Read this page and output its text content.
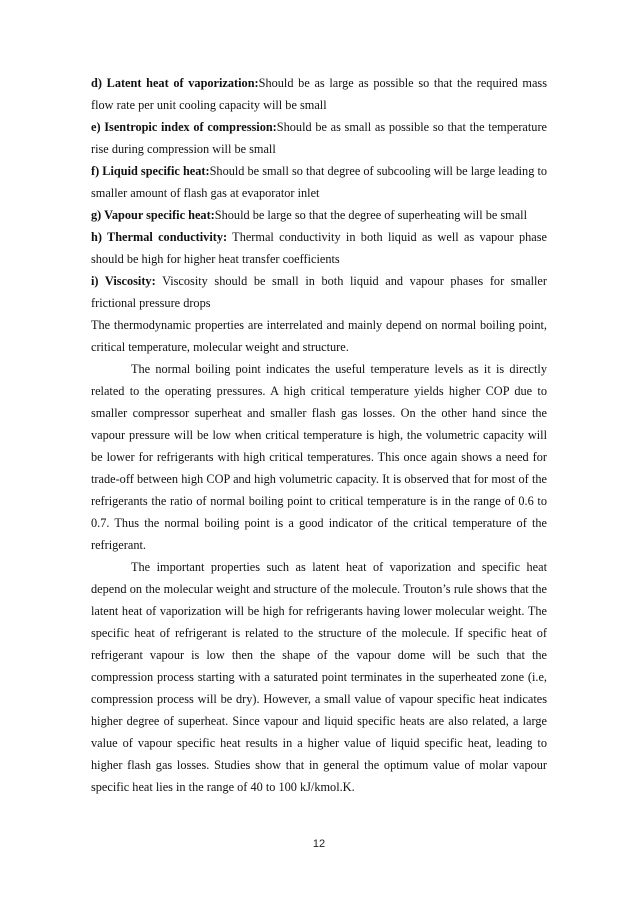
d) Latent heat of vaporization:Should be as large as possible so that the required mass flow rate per unit cooling capacity will be small

e) Isentropic index of compression:Should be as small as possible so that the temperature rise during compression will be small

f) Liquid specific heat:Should be small so that degree of subcooling will be large leading to smaller amount of flash gas at evaporator inlet

g) Vapour specific heat:Should be large so that the degree of superheating will be small

h) Thermal conductivity: Thermal conductivity in both liquid as well as vapour phase should be high for higher heat transfer coefficients

i) Viscosity: Viscosity should be small in both liquid and vapour phases for smaller frictional pressure drops

The thermodynamic properties are interrelated and mainly depend on normal boiling point, critical temperature, molecular weight and structure.

The normal boiling point indicates the useful temperature levels as it is directly related to the operating pressures. A high critical temperature yields higher COP due to smaller compressor superheat and smaller flash gas losses. On the other hand since the vapour pressure will be low when critical temperature is high, the volumetric capacity will be lower for refrigerants with high critical temperatures. This once again shows a need for trade-off between high COP and high volumetric capacity. It is observed that for most of the refrigerants the ratio of normal boiling point to critical temperature is in the range of 0.6 to 0.7. Thus the normal boiling point is a good indicator of the critical temperature of the refrigerant.

The important properties such as latent heat of vaporization and specific heat depend on the molecular weight and structure of the molecule. Trouton’s rule shows that the latent heat of vaporization will be high for refrigerants having lower molecular weight. The specific heat of refrigerant is related to the structure of the molecule. If specific heat of refrigerant vapour is low then the shape of the vapour dome will be such that the compression process starting with a saturated point terminates in the superheated zone (i.e, compression process will be dry). However, a small value of vapour specific heat indicates higher degree of superheat. Since vapour and liquid specific heats are also related, a large value of vapour specific heat results in a higher value of liquid specific heat, leading to higher flash gas losses. Studies show that in general the optimum value of molar vapour specific heat lies in the range of 40 to 100 kJ/kmol.K.

12
